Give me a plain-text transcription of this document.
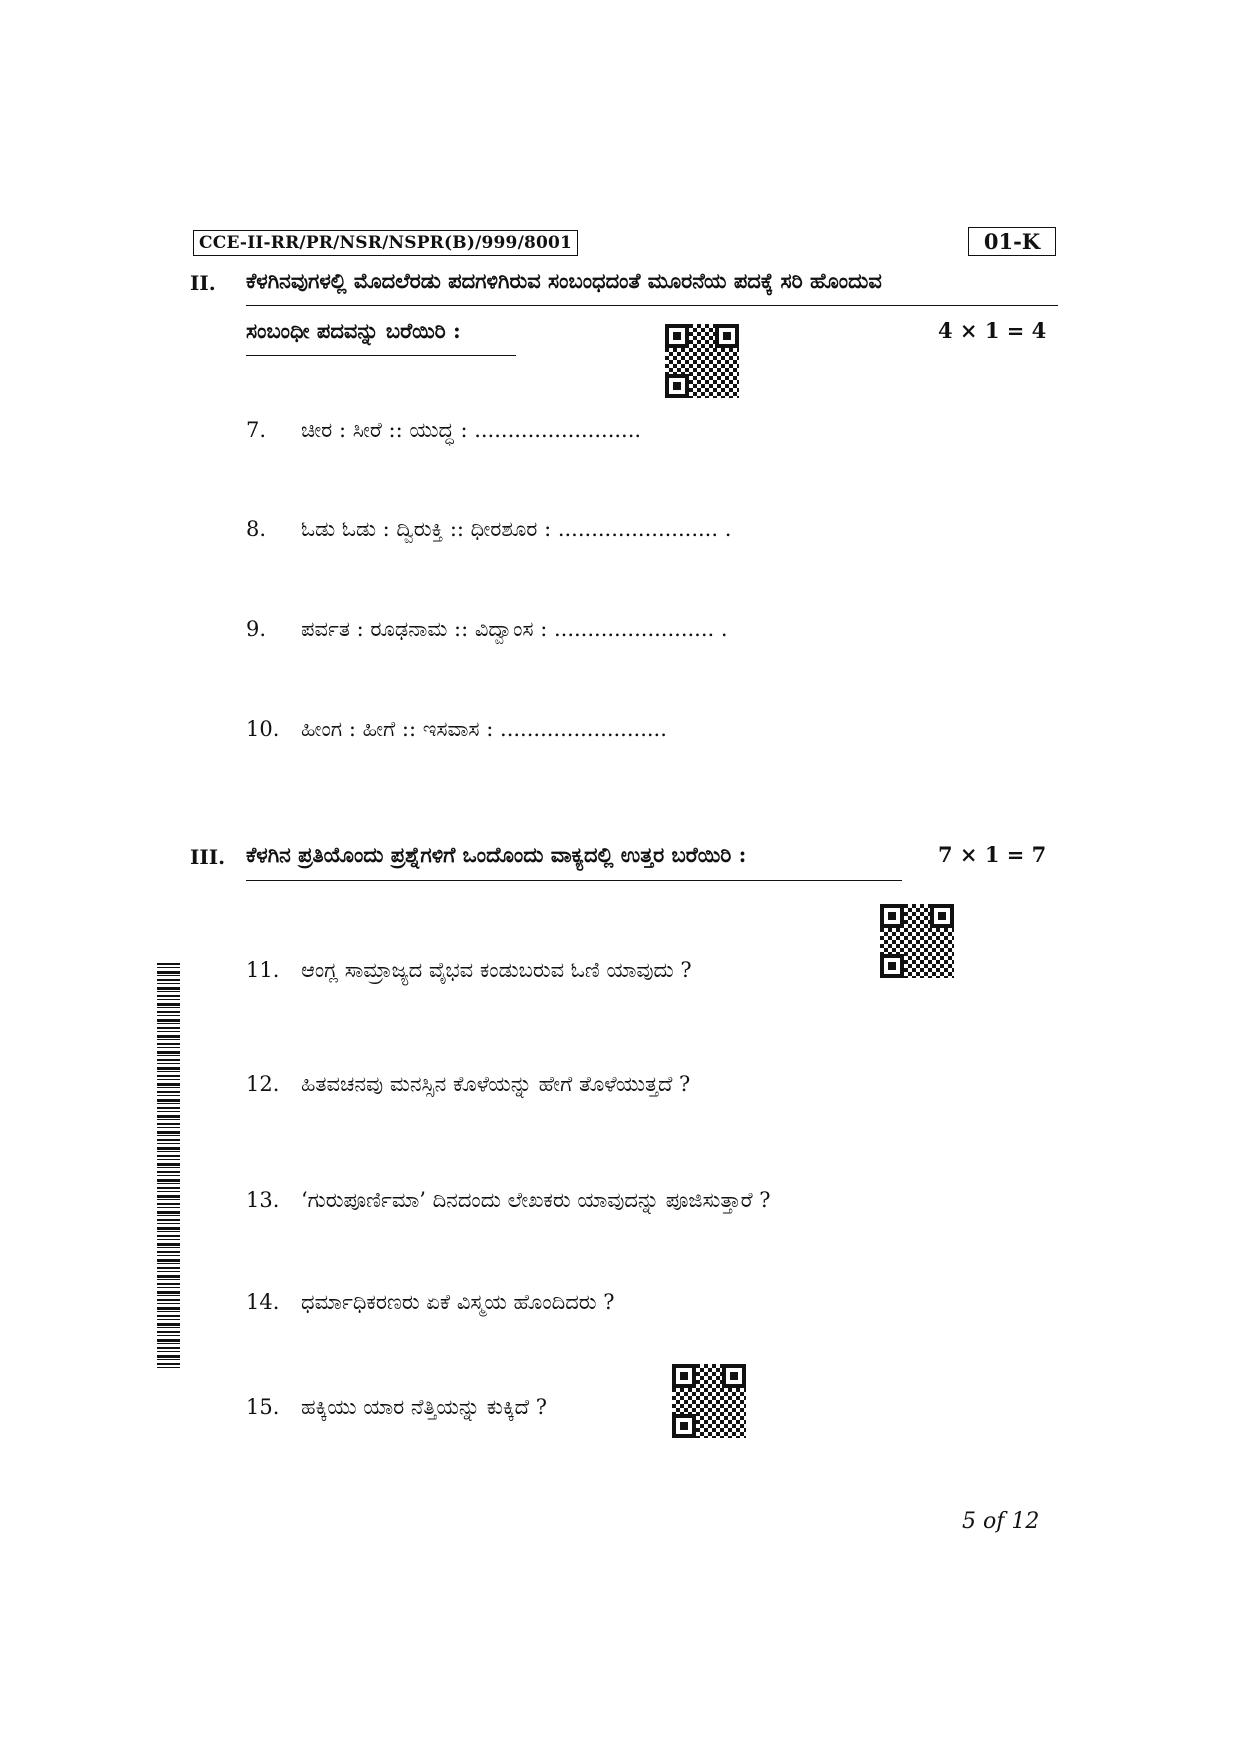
CCE-II-RR/PR/NSR/NSPR(B)/999/8001	01-K
II. ಕೆಳಗಿನವುಗಳಲ್ಲಿ ಮೊದಲೆರಡು ಪದಗಳಿಗಿರುವ ಸಂಬಂಧದಂತೆ ಮೂರನೆಯ ಪದಕ್ಕೆ ಸರಿ ಹೊಂದುವ
ಸಂಬಂಧೀ ಪದವನ್ನು ಬರೆಯಿರಿ :	4 × 1 = 4
7. ಚೀರ : ಸೀರೆ :: ಯುದ್ಧ : .........................
8. ಓಡು ಓಡು : ದ್ವಿರುಕ್ತಿ :: ಧೀರಶೂರ : ........................ .
9. ಪರ್ವತ : ರೂಢನಾಮ :: ವಿದ್ವಾಂಸ : ........................ .
10. ಹೀಂಗ : ಹೀಗೆ :: ಇಸವಾಸ : .........................
III. ಕೆಳಗಿನ ಪ್ರತಿಯೊಂದು ಪ್ರಶ್ನೆಗಳಿಗೆ ಒಂದೊಂದು ವಾಕ್ಯದಲ್ಲಿ ಉತ್ತರ ಬರೆಯಿರಿ :	7 × 1 = 7
11. ಆಂಗ್ಲ ಸಾಮ್ರಾಜ್ಯದ ವೈಭವ ಕಂಡುಬರುವ ಓಣಿ ಯಾವುದು ?
12. ಹಿತವಚನವು ಮನಸ್ಸಿನ ಕೊಳೆಯನ್ನು ಹೇಗೆ ತೊಳೆಯುತ್ತದೆ ?
13. ‘ಗುರುಪೂರ್ಣಿಮಾ’ ದಿನದಂದು ಲೇಖಕರು ಯಾವುದನ್ನು ಪೂಜಿಸುತ್ತಾರೆ ?
14. ಧರ್ಮಾಧಿಕರಣರು ಏಕೆ ವಿಸ್ಮಯ ಹೊಂದಿದರು ?
15. ಹಕ್ಕಿಯು ಯಾರ ನೆತ್ತಿಯನ್ನು ಕುಕ್ಕಿದೆ ?
5 of 12
